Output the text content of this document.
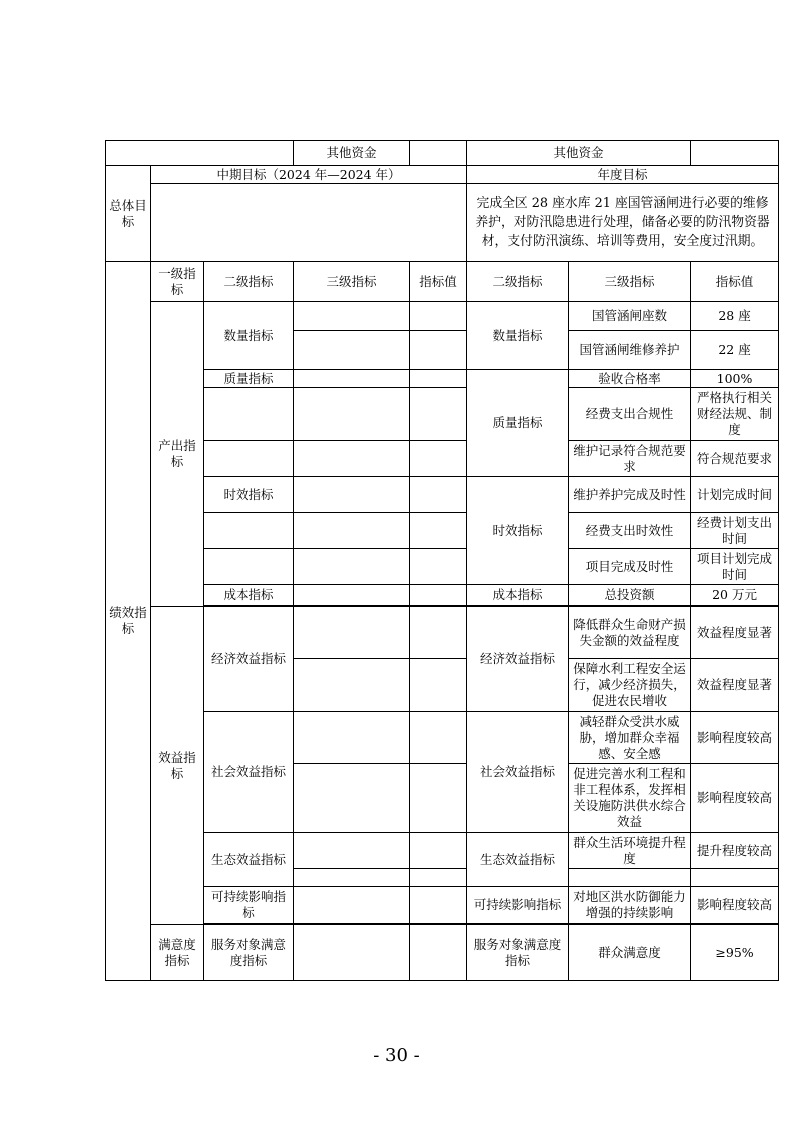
			其他资金		其他资金		
总体目标	中期目标（2024 年—2024 年）				年度目标		
					完成全区 28 座水库 21 座国管涵闸进行必要的维修养护，对防汛隐患进行处理，储备必要的防汛物资器材，支付防汛演练、培训等费用，安全度过汛期。		
绩效指标	一级指标	二级指标	三级指标	指标值	二级指标	三级指标	指标值
	产出指标	数量指标			数量指标	国管涵闸座数	28 座
						国管涵闸维修养护	22 座
		质量指标			质量指标	验收合格率	100%
						经费支出合规性	严格执行相关财经法规、制度
						维护记录符合规范要求	符合规范要求
		时效指标			时效指标	维护养护完成及时性	计划完成时间
						经费支出时效性	经费计划支出时间
						项目完成及时性	项目计划完成时间
		成本指标			成本指标	总投资额	20 万元

	效益指标	经济效益指标			经济效益指标	降低群众生命财产损失金额的效益程度	效益程度显著
						保障水利工程安全运行，减少经济损失，促进农民增收	效益程度显著
		社会效益指标			社会效益指标	减轻群众受洪水威胁，增加群众幸福感、安全感	影响程度较高
						促进完善水利工程和非工程体系，发挥相关设施防洪供水综合效益	影响程度较高
		生态效益指标			生态效益指标	群众生活环境提升程度	提升程度较高

		可持续影响指标			可持续影响指标	对地区洪水防御能力增强的持续影响	影响程度较高

	满意度指标	服务对象满意度指标			服务对象满意度指标	群众满意度	≥95%
- 30 -
